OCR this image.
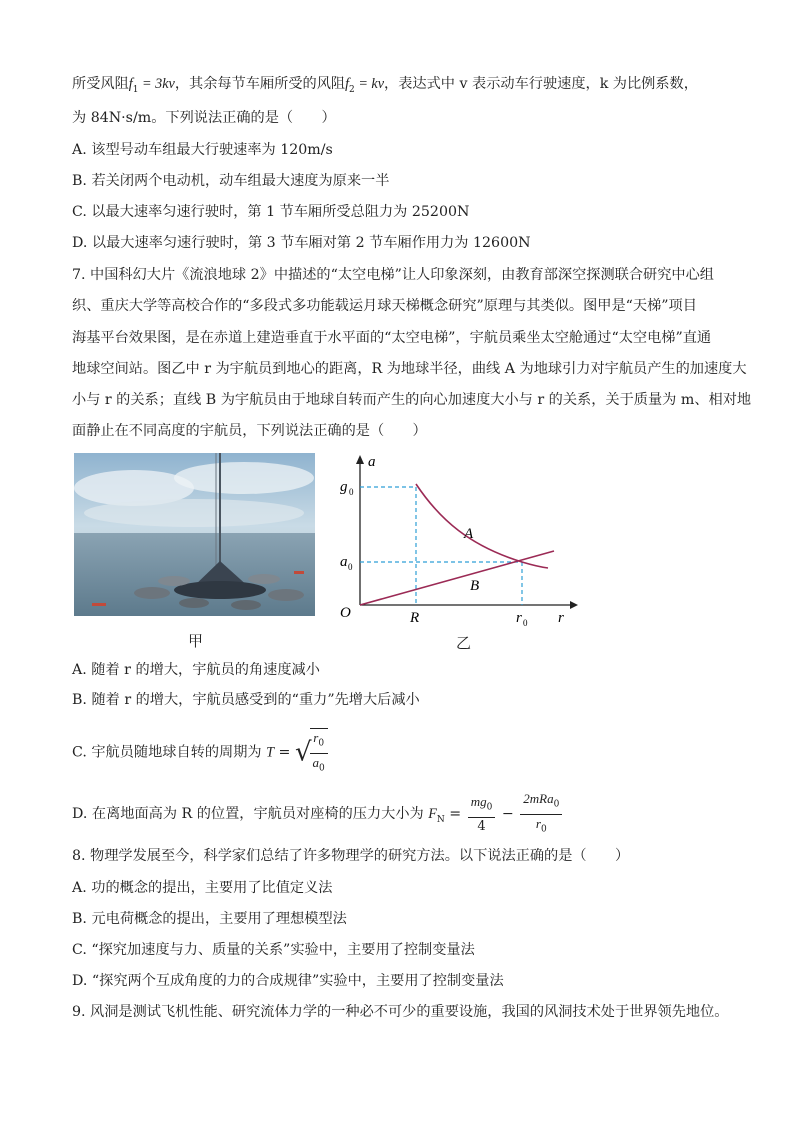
所受风阻$f_1 = 3kv$，其余每节车厢所受的风阻$f_2$ = kv，表达式中 v 表示动车行驶速度，k 为比例系数，
为 84N·s/m。下列说法正确的是（　　）
A. 该型号动车组最大行驶速率为 120m/s
B. 若关闭两个电动机，动车组最大速度为原来一半
C. 以最大速率匀速行驶时，第 1 节车厢所受总阻力为 25200N
D. 以最大速率匀速行驶时，第 3 节车厢对第 2 节车厢作用力为 12600N
7. 中国科幻大片《流浪地球 2》中描述的“太空电梯”让人印象深刻，由教育部深空探测联合研究中心组
织、重庆大学等高校合作的“多段式多功能载运月球天梯概念研究”原理与其类似。图甲是“天梯”项目
海基平台效果图，是在赤道上建造垂直于水平面的“太空电梯”，宇航员乘坐太空舱通过“太空电梯”直通
地球空间站。图乙中 r 为宇航员到地心的距离，R 为地球半径，曲线 A 为地球引力对宇航员产生的加速度大
小与 r 的关系；直线 B 为宇航员由于地球自转而产生的向心加速度大小与 r 的关系，关于质量为 m、相对地
面静止在不同高度的宇航员，下列说法正确的是（　　）
a
r
O
g 0
a 0
R	r 0
A
B
甲	乙
A. 随着 r 的增大，宇航员的角速度减小
B. 随着 r 的增大，宇航员感受到的“重力”先增大后减小
C. 宇航员随地球自转的周期为 T = √
$\frac{r_0}{a_0}$
D. 在离地面高为 R 的位置，宇航员对座椅的压力大小为 $F_N = \frac{mg_0}{4} - \frac{2mRa_0}{r_0}$
8. 物理学发展至今，科学家们总结了许多物理学的研究方法。以下说法正确的是（　　）
A. 功的概念的提出，主要用了比值定义法
B. 元电荷概念的提出，主要用了理想模型法
C. “探究加速度与力、质量的关系”实验中，主要用了控制变量法
D. “探究两个互成角度的力的合成规律”实验中，主要用了控制变量法
9. 风洞是测试飞机性能、研究流体力学的一种必不可少的重要设施，我国的风洞技术处于世界领先地位。
